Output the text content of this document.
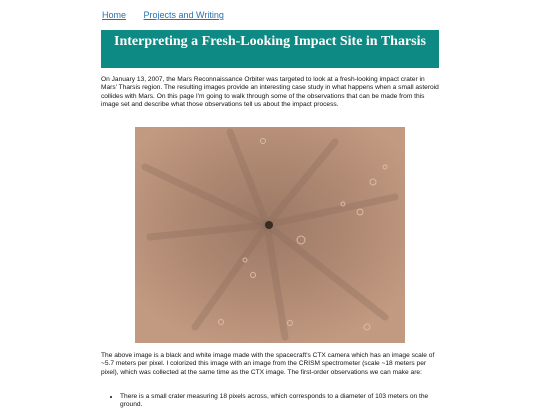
Home Projects and Writing
Interpreting a Fresh-Looking Impact Site in Tharsis
On January 13, 2007, the Mars Reconnaissance Orbiter was targeted to look at a fresh-looking impact crater in Mars' Tharsis region. The resulting images provide an interesting case study in what happens when a small asteroid collides with Mars. On this page I'm going to walk through some of the observations that can be made from this image set and describe what those observations tell us about the impact process.
The above image is a black and white image made with the spacecraft's CTX camera which has an image scale of ~5.7 meters per pixel. I colorized this image with an image from the CRISM spectrometer (scale ~18 meters per pixel), which was collected at the same time as the CTX image. The first-order observations we can make are:
• There is a small crater measuring 18 pixels across, which corresponds to a diameter of 103 meters on the ground.
